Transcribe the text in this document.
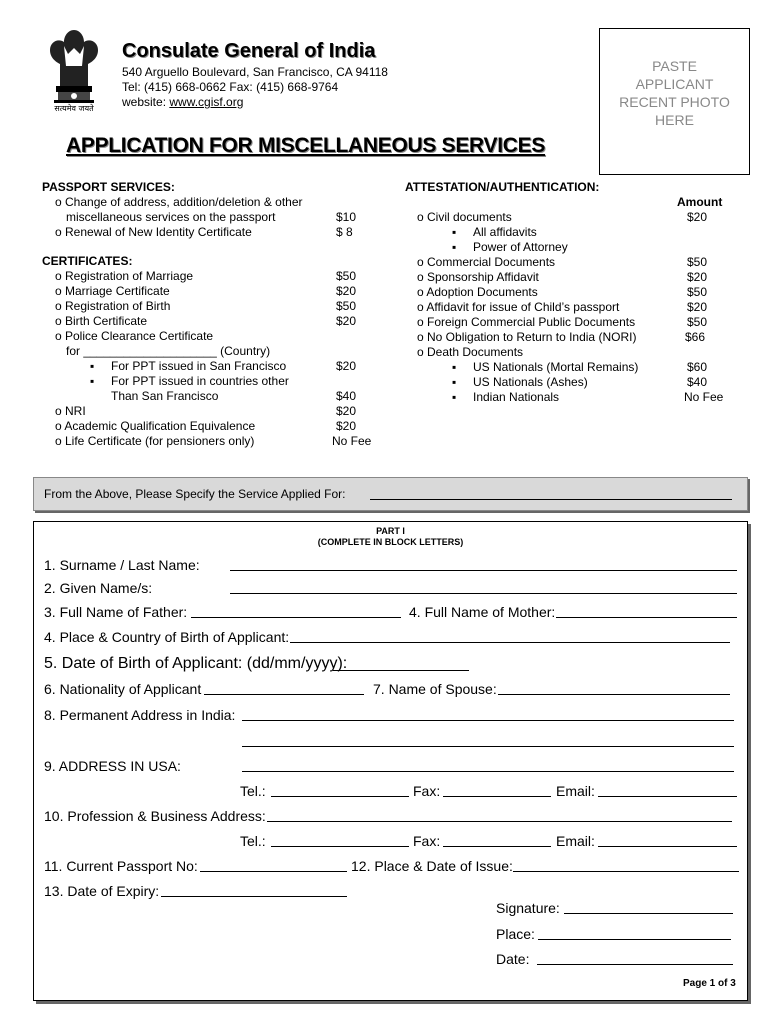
सत्यमेव जयते
Consulate General of India
540 Arguello Boulevard, San Francisco, CA 94118
Tel: (415) 668-0662 Fax: (415) 668-9764
website: www.cgisf.org
PASTE
APPLICANT
RECENT PHOTO
HERE
APPLICATION FOR MISCELLANEOUS SERVICES
PASSPORT SERVICES:
o Change of address, addition/deletion & other
miscellaneous services on the passport	$10
o Renewal of New Identity Certificate	$ 8
CERTIFICATES:
o Registration of Marriage	$50
o Marriage Certificate	$20
o Registration of Birth	$50
o Birth Certificate	$20
o Police Clearance Certificate
for ____________________ (Country)
▪ For PPT issued in San Francisco	$20
▪ For PPT issued in countries other
Than San Francisco	$40
o NRI	$20
o Academic Qualification Equivalence	$20
o Life Certificate (for pensioners only)	No Fee
ATTESTATION/AUTHENTICATION:
Amount
o Civil documents	$20
▪ All affidavits
▪ Power of Attorney
o Commercial Documents	$50
o Sponsorship Affidavit	$20
o Adoption Documents	$50
o Affidavit for issue of Child’s passport	$20
o Foreign Commercial Public Documents	$50
o No Obligation to Return to India (NORI)	$66
o Death Documents
▪ US Nationals (Mortal Remains)	$60
▪ US Nationals (Ashes)	$40
▪ Indian Nationals	No Fee
From the Above, Please Specify the Service Applied For:
PART I
(COMPLETE IN BLOCK LETTERS)
1. Surname / Last Name:
2. Given Name/s:
3. Full Name of Father:	4. Full Name of Mother:
4. Place & Country of Birth of Applicant:
5. Date of Birth of Applicant: (dd/mm/yyyy):
6. Nationality of Applicant	7. Name of Spouse:
8. Permanent Address in India:
9. ADDRESS IN USA:
Tel.:	Fax:	Email:
10. Profession & Business Address:
Tel.:	Fax:	Email:
11. Current Passport No:	12. Place & Date of Issue:
13. Date of Expiry:
Signature:
Place:
Date:
Page 1 of 3
